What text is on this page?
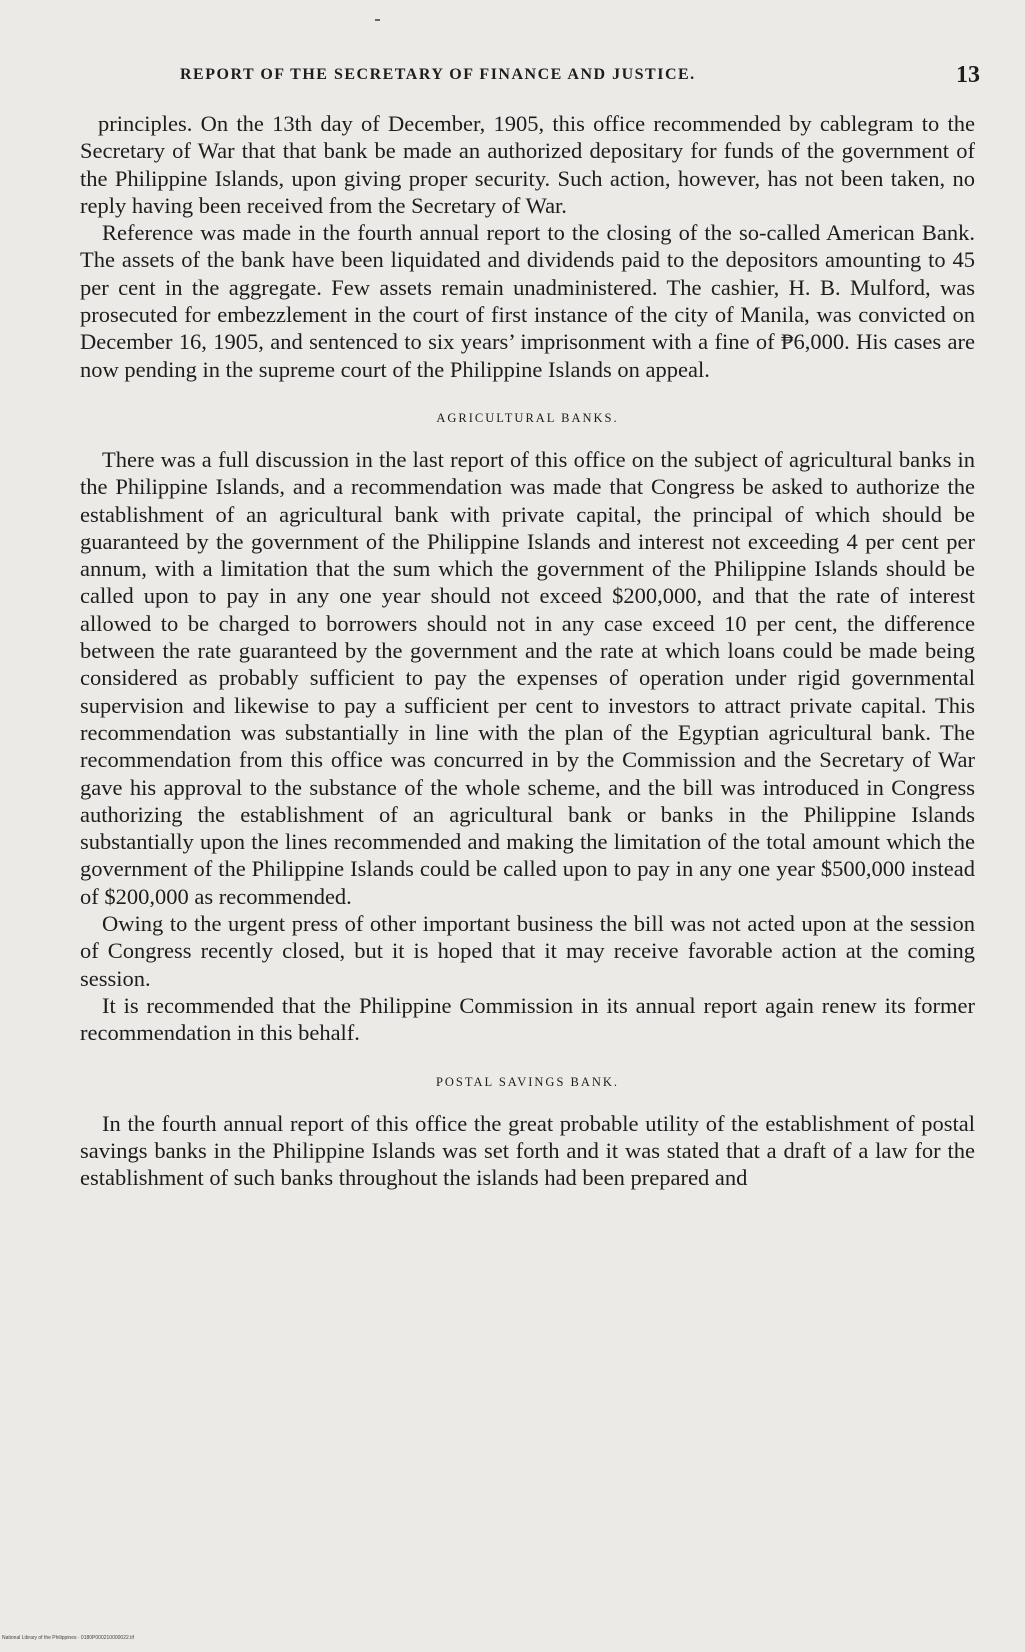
REPORT OF THE SECRETARY OF FINANCE AND JUSTICE.	13

principles. On the 13th day of December, 1905, this office recommended by cablegram to the Secretary of War that that bank be made an authorized depositary for funds of the government of the Philippine Islands, upon giving proper security. Such action, however, has not been taken, no reply having been received from the Secretary of War.

Reference was made in the fourth annual report to the closing of the so-called American Bank. The assets of the bank have been liquidated and dividends paid to the depositors amounting to 45 per cent in the aggregate. Few assets remain unadministered. The cashier, H. B. Mulford, was prosecuted for embezzlement in the court of first instance of the city of Manila, was convicted on December 16, 1905, and sentenced to six years’ imprisonment with a fine of ₱6,000. His cases are now pending in the supreme court of the Philippine Islands on appeal.

AGRICULTURAL BANKS.

There was a full discussion in the last report of this office on the subject of agricultural banks in the Philippine Islands, and a recommendation was made that Congress be asked to authorize the establishment of an agricultural bank with private capital, the principal of which should be guaranteed by the government of the Philippine Islands and interest not exceeding 4 per cent per annum, with a limitation that the sum which the government of the Philippine Islands should be called upon to pay in any one year should not exceed $200,000, and that the rate of interest allowed to be charged to borrowers should not in any case exceed 10 per cent, the difference between the rate guaranteed by the government and the rate at which loans could be made being considered as probably sufficient to pay the expenses of operation under rigid governmental supervision and likewise to pay a sufficient per cent to investors to attract private capital. This recommendation was substantially in line with the plan of the Egyptian agricultural bank. The recommendation from this office was concurred in by the Commission and the Secretary of War gave his approval to the substance of the whole scheme, and the bill was introduced in Congress authorizing the establishment of an agricultural bank or banks in the Philippine Islands substantially upon the lines recommended and making the limitation of the total amount which the government of the Philippine Islands could be called upon to pay in any one year $500,000 instead of $200,000 as recommended.

Owing to the urgent press of other important business the bill was not acted upon at the session of Congress recently closed, but it is hoped that it may receive favorable action at the coming session.

It is recommended that the Philippine Commission in its annual report again renew its former recommendation in this behalf.

POSTAL SAVINGS BANK.

In the fourth annual report of this office the great probable utility of the establishment of postal savings banks in the Philippine Islands was set forth and it was stated that a draft of a law for the establishment of such banks throughout the islands had been prepared and

National Library of the Philippines · 0180P000210000022.tif
